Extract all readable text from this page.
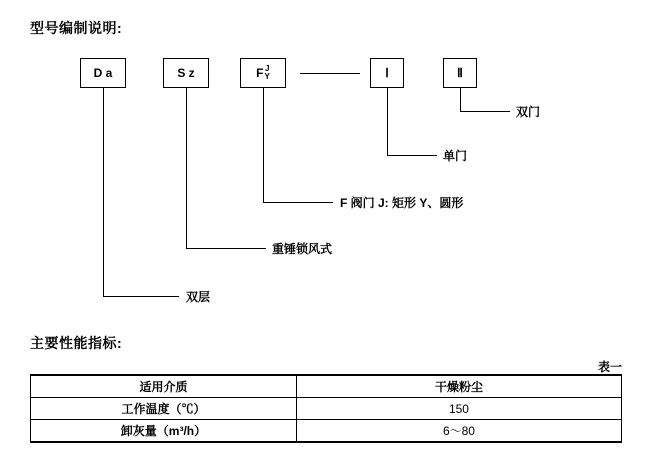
型号编制说明:
D a	S z	F J
Y	Ⅰ	Ⅱ
双门
单门
F 阀门 J: 矩形 Y、圆形
重锤锁风式
双层
主要性能指标:
表一
适用介质	干燥粉尘
工作温度（℃）	150
卸灰量（m³/h）	6～80
